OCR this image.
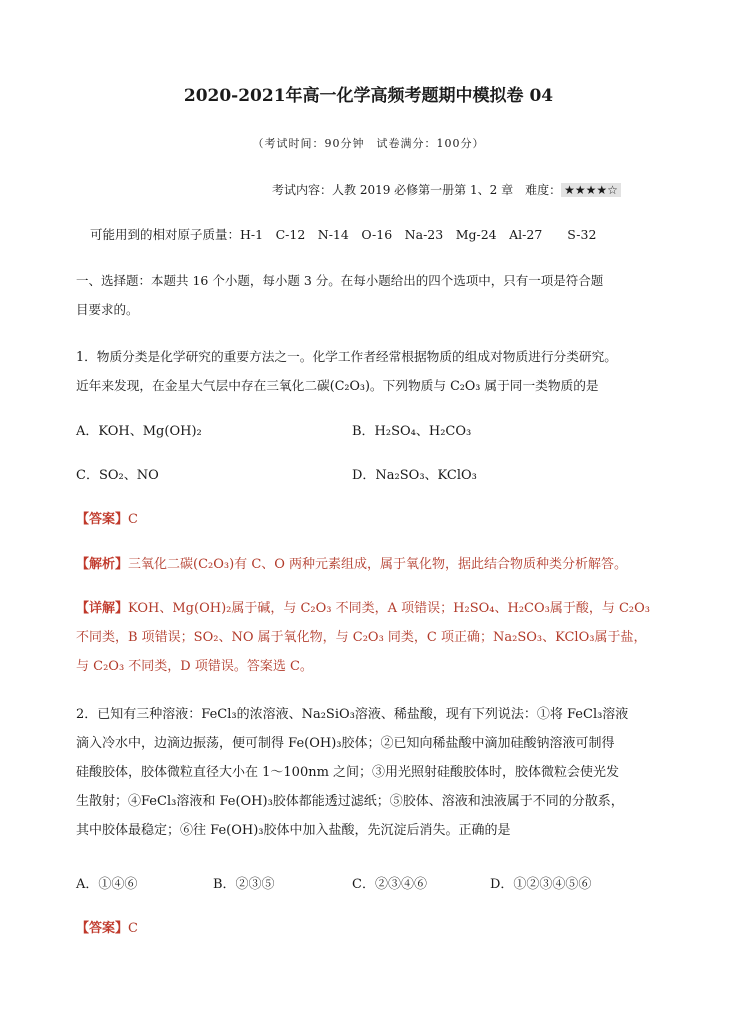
2020-2021年高一化学高频考题期中模拟卷 04
（考试时间：90分钟　试卷满分：100分）
考试内容：人教 2019 必修第一册第 1、2 章　难度： ★★★★☆
可能用到的相对原子质量：H-1　C-12　N-14　O-16　Na-23　Mg-24　Al-27　　S-32
一、选择题：本题共 16 个小题，每小题 3 分。在每小题给出的四个选项中，只有一项是符合题
目要求的。
1．物质分类是化学研究的重要方法之一。化学工作者经常根据物质的组成对物质进行分类研究。
近年来发现，在金星大气层中存在三氧化二碳(C₂O₃)。下列物质与 C₂O₃ 属于同一类物质的是
A．KOH、Mg(OH)₂	B．H₂SO₄、H₂CO₃
C．SO₂、NO	D．Na₂SO₃、KClO₃
【答案】C
【解析】三氧化二碳(C₂O₃)有 C、O 两种元素组成，属于氧化物，据此结合物质种类分析解答。
【详解】KOH、Mg(OH)₂属于碱，与 C₂O₃ 不同类，A 项错误；H₂SO₄、H₂CO₃属于酸，与 C₂O₃
不同类，B 项错误；SO₂、NO 属于氧化物，与 C₂O₃ 同类，C 项正确；Na₂SO₃、KClO₃属于盐，
与 C₂O₃ 不同类，D 项错误。答案选 C。
2．已知有三种溶液：FeCl₃的浓溶液、Na₂SiO₃溶液、稀盐酸，现有下列说法：①将 FeCl₃溶液
滴入冷水中，边滴边振荡，便可制得 Fe(OH)₃胶体；②已知向稀盐酸中滴加硅酸钠溶液可制得
硅酸胶体，胶体微粒直径大小在 1～100nm 之间；③用光照射硅酸胶体时，胶体微粒会使光发
生散射；④FeCl₃溶液和 Fe(OH)₃胶体都能透过滤纸；⑤胶体、溶液和浊液属于不同的分散系，
其中胶体最稳定；⑥往 Fe(OH)₃胶体中加入盐酸，先沉淀后消失。正确的是
A．①④⑥	B．②③⑤	C．②③④⑥	D．①②③④⑤⑥
【答案】C
